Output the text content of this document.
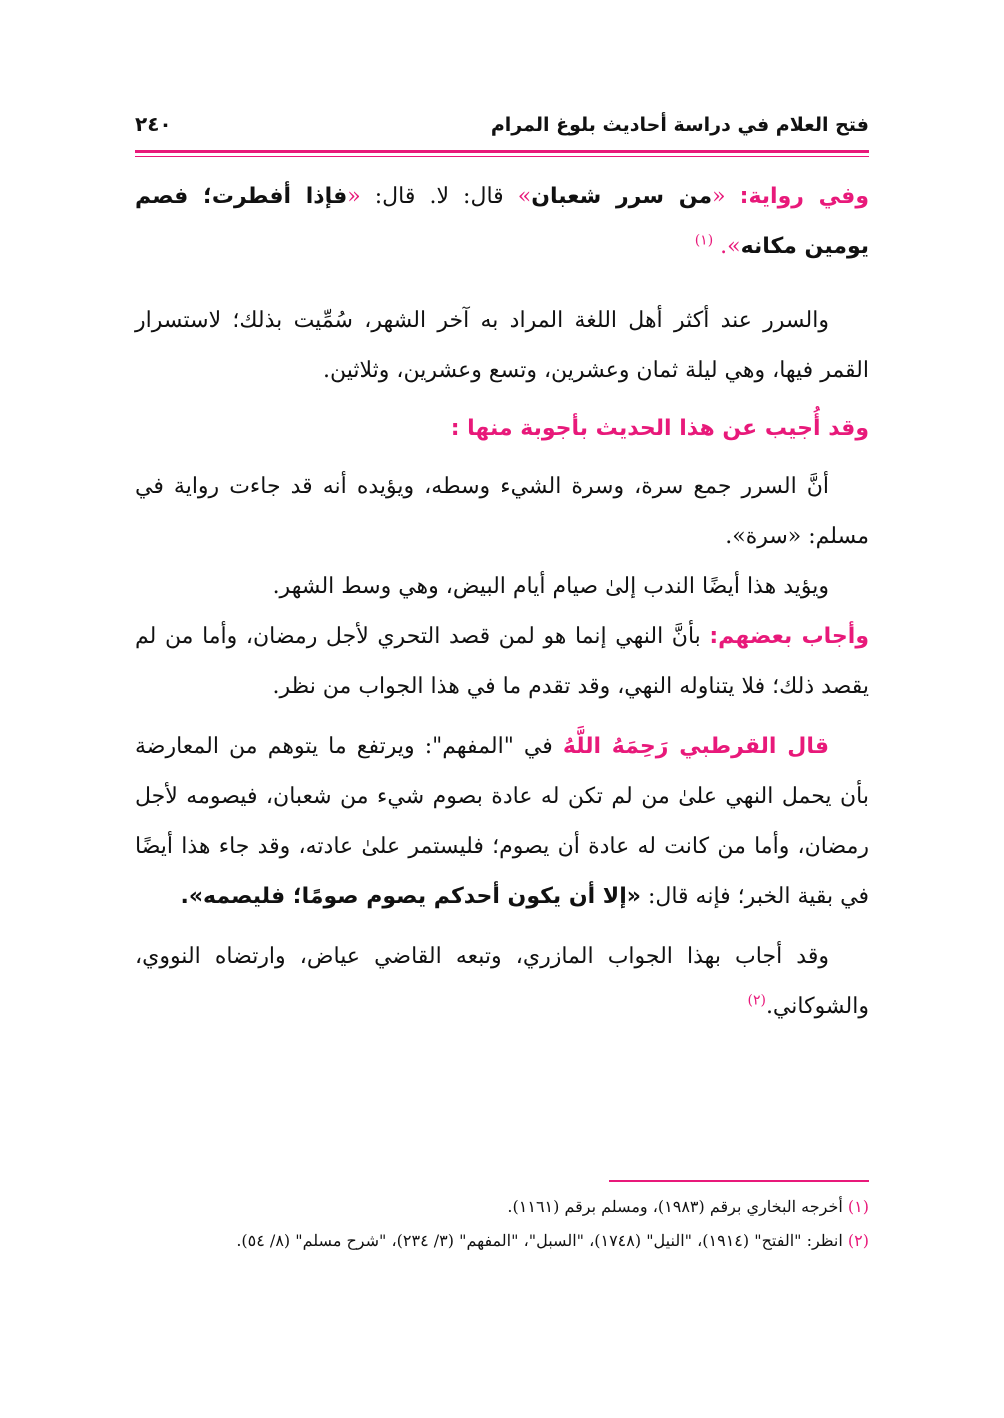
فتح العلام في دراسة أحاديث بلوغ المرام
٢٤٠

وفي رواية: «من سرر شعبان» قال: لا. قال: «فإذا أفطرت؛ فصم يومين مكانه». $^{(١)}$

والسرر عند أكثر أهل اللغة المراد به آخر الشهر، سُمِّيت بذلك؛ لاستسرار القمر فيها، وهي ليلة ثمان وعشرين، وتسع وعشرين، وثلاثين.

وقد أُجيب عن هذا الحديث بأجوبة منها :

أنَّ السرر جمع سرة، وسرة الشيء وسطه، ويؤيده أنه قد جاءت رواية في مسلم: «سرة».

ويؤيد هذا أيضًا الندب إلىٰ صيام أيام البيض، وهي وسط الشهر.

وأجاب بعضهم: بأنَّ النهي إنما هو لمن قصد التحري لأجل رمضان، وأما من لم يقصد ذلك؛ فلا يتناوله النهي، وقد تقدم ما في هذا الجواب من نظر.

قال القرطبي رَحِمَهُ اللَّهُ في "المفهم": ويرتفع ما يتوهم من المعارضة بأن يحمل النهي علىٰ من لم تكن له عادة بصوم شيء من شعبان، فيصومه لأجل رمضان، وأما من كانت له عادة أن يصوم؛ فليستمر علىٰ عادته، وقد جاء هذا أيضًا في بقية الخبر؛ فإنه قال: «إلا أن يكون أحدكم يصوم صومًا؛ فليصمه».

وقد أجاب بهذا الجواب المازري، وتبعه القاضي عياض، وارتضاه النووي، والشوكاني.$^{(٢)}$

(١) أخرجه البخاري برقم (١٩٨٣)، ومسلم برقم (١١٦١).
(٢) انظر: "الفتح" (١٩١٤)، "النيل" (١٧٤٨)، "السبل"، "المفهم" (٣/ ٢٣٤)، "شرح مسلم" (٨/ ٥٤).
